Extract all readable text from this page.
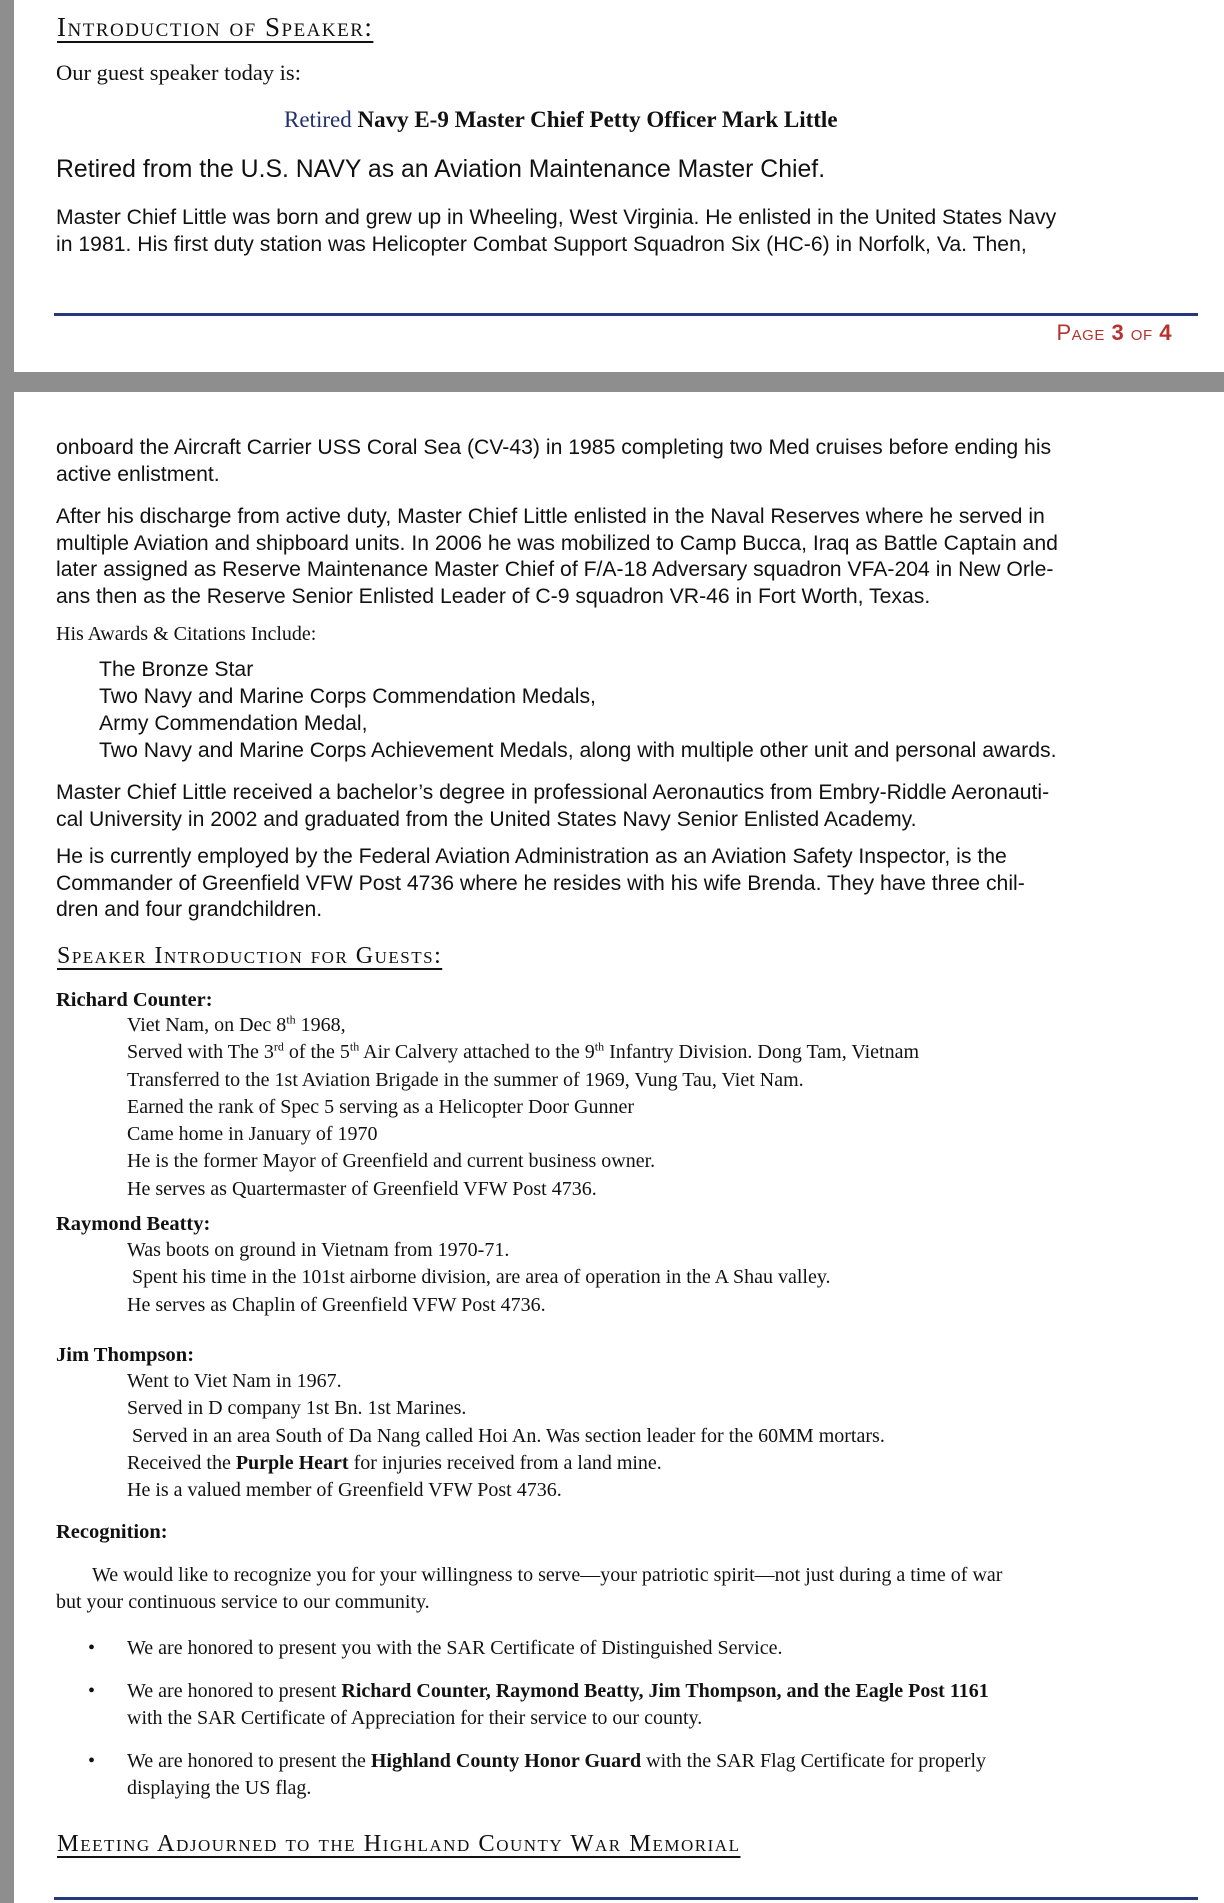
Introduction of Speaker:
Our guest speaker today is:
Retired Navy E-9 Master Chief Petty Officer Mark Little
Retired from the U.S. NAVY as an Aviation Maintenance Master Chief.
Master Chief Little was born and grew up in Wheeling, West Virginia. He enlisted in the United States Navy
in 1981. His first duty station was Helicopter Combat Support Squadron Six (HC-6) in Norfolk, Va. Then,
Page 3 of 4
onboard the Aircraft Carrier USS Coral Sea (CV-43) in 1985 completing two Med cruises before ending his
active enlistment.
After his discharge from active duty, Master Chief Little enlisted in the Naval Reserves where he served in
multiple Aviation and shipboard units. In 2006 he was mobilized to Camp Bucca, Iraq as Battle Captain and
later assigned as Reserve Maintenance Master Chief of F/A-18 Adversary squadron VFA-204 in New Orle-
ans then as the Reserve Senior Enlisted Leader of C-9 squadron VR-46 in Fort Worth, Texas.
His Awards & Citations Include:
The Bronze Star
Two Navy and Marine Corps Commendation Medals,
Army Commendation Medal,
Two Navy and Marine Corps Achievement Medals, along with multiple other unit and personal awards.
Master Chief Little received a bachelor’s degree in professional Aeronautics from Embry-Riddle Aeronauti-
cal University in 2002 and graduated from the United States Navy Senior Enlisted Academy.
He is currently employed by the Federal Aviation Administration as an Aviation Safety Inspector, is the
Commander of Greenfield VFW Post 4736 where he resides with his wife Brenda. They have three chil-
dren and four grandchildren.
Speaker Introduction for Guests:
Richard Counter:
Viet Nam, on Dec 8th 1968,
Served with The 3rd of the 5th Air Calvery attached to the 9th Infantry Division. Dong Tam, Vietnam
Transferred to the 1st Aviation Brigade in the summer of 1969, Vung Tau, Viet Nam.
Earned the rank of Spec 5 serving as a Helicopter Door Gunner
Came home in January of 1970
He is the former Mayor of Greenfield and current business owner.
He serves as Quartermaster of Greenfield VFW Post 4736.
Raymond Beatty:
Was boots on ground in Vietnam from 1970-71.
Spent his time in the 101st airborne division, are area of operation in the A Shau valley.
He serves as Chaplin of Greenfield VFW Post 4736.
Jim Thompson:
Went to Viet Nam in 1967.
Served in D company 1st Bn. 1st Marines.
Served in an area South of Da Nang called Hoi An. Was section leader for the 60MM mortars.
Received the Purple Heart for injuries received from a land mine.
He is a valued member of Greenfield VFW Post 4736.
Recognition:
We would like to recognize you for your willingness to serve—your patriotic spirit—not just during a time of war
but your continuous service to our community.
• We are honored to present you with the SAR Certificate of Distinguished Service.
• We are honored to present Richard Counter, Raymond Beatty, Jim Thompson, and the Eagle Post 1161
with the SAR Certificate of Appreciation for their service to our county.
• We are honored to present the Highland County Honor Guard with the SAR Flag Certificate for properly
displaying the US flag.
Meeting Adjourned to the Highland County War Memorial
